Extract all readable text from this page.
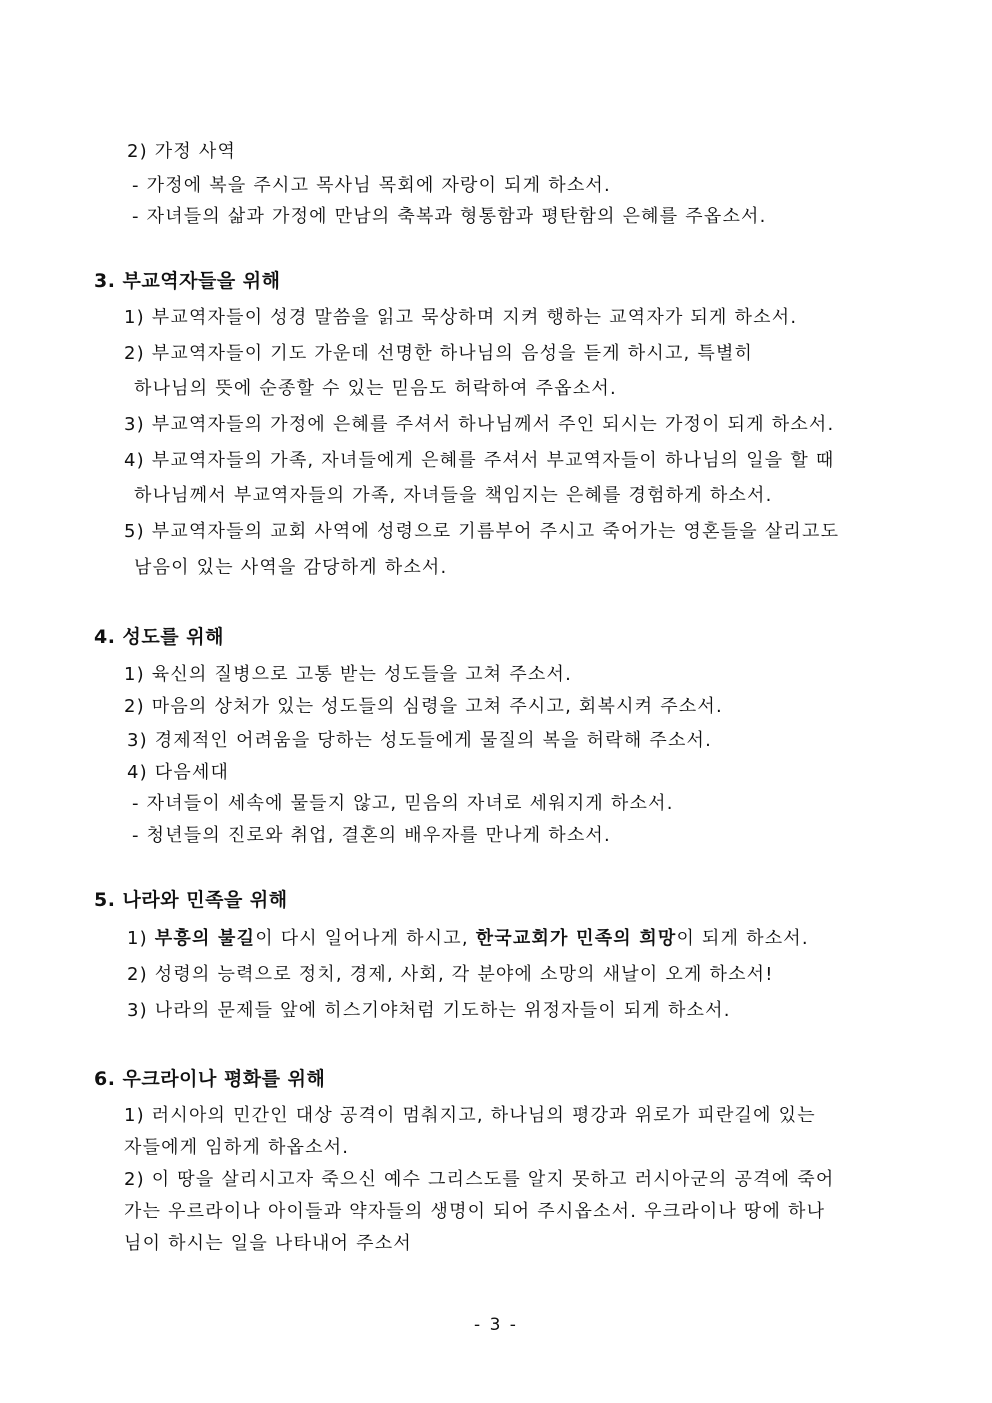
2) 가정 사역
- 가정에 복을 주시고 목사님 목회에 자랑이 되게 하소서.
- 자녀들의 삶과 가정에 만남의 축복과 형통함과 평탄함의 은혜를 주옵소서.
3. 부교역자들을 위해
1) 부교역자들이 성경 말씀을 읽고 묵상하며 지켜 행하는 교역자가 되게 하소서.
2) 부교역자들이 기도 가운데 선명한 하나님의 음성을 듣게 하시고, 특별히
하나님의 뜻에 순종할 수 있는 믿음도 허락하여 주옵소서.
3) 부교역자들의 가정에 은혜를 주셔서 하나님께서 주인 되시는 가정이 되게 하소서.
4) 부교역자들의 가족, 자녀들에게 은혜를 주셔서 부교역자들이 하나님의 일을 할 때
하나님께서 부교역자들의 가족, 자녀들을 책임지는 은혜를 경험하게 하소서.
5) 부교역자들의 교회 사역에 성령으로 기름부어 주시고 죽어가는 영혼들을 살리고도
남음이 있는 사역을 감당하게 하소서.
4. 성도를 위해
1) 육신의 질병으로 고통 받는 성도들을 고쳐 주소서.
2) 마음의 상처가 있는 성도들의 심령을 고쳐 주시고, 회복시켜 주소서.
3) 경제적인 어려움을 당하는 성도들에게 물질의 복을 허락해 주소서.
4) 다음세대
- 자녀들이 세속에 물들지 않고, 믿음의 자녀로 세워지게 하소서.
- 청년들의 진로와 취업, 결혼의 배우자를 만나게 하소서.
5. 나라와 민족을 위해
1) 부흥의 불길이 다시 일어나게 하시고, 한국교회가 민족의 희망이 되게 하소서.
2) 성령의 능력으로 정치, 경제, 사회, 각 분야에 소망의 새날이 오게 하소서!
3) 나라의 문제들 앞에 히스기야처럼 기도하는 위정자들이 되게 하소서.
6. 우크라이나 평화를 위해
1) 러시아의 민간인 대상 공격이 멈춰지고, 하나님의 평강과 위로가 피란길에 있는
자들에게 임하게 하옵소서.
2) 이 땅을 살리시고자 죽으신 예수 그리스도를 알지 못하고 러시아군의 공격에 죽어
가는 우르라이나 아이들과 약자들의 생명이 되어 주시옵소서. 우크라이나 땅에 하나
님이 하시는 일을 나타내어 주소서
- 3 -
